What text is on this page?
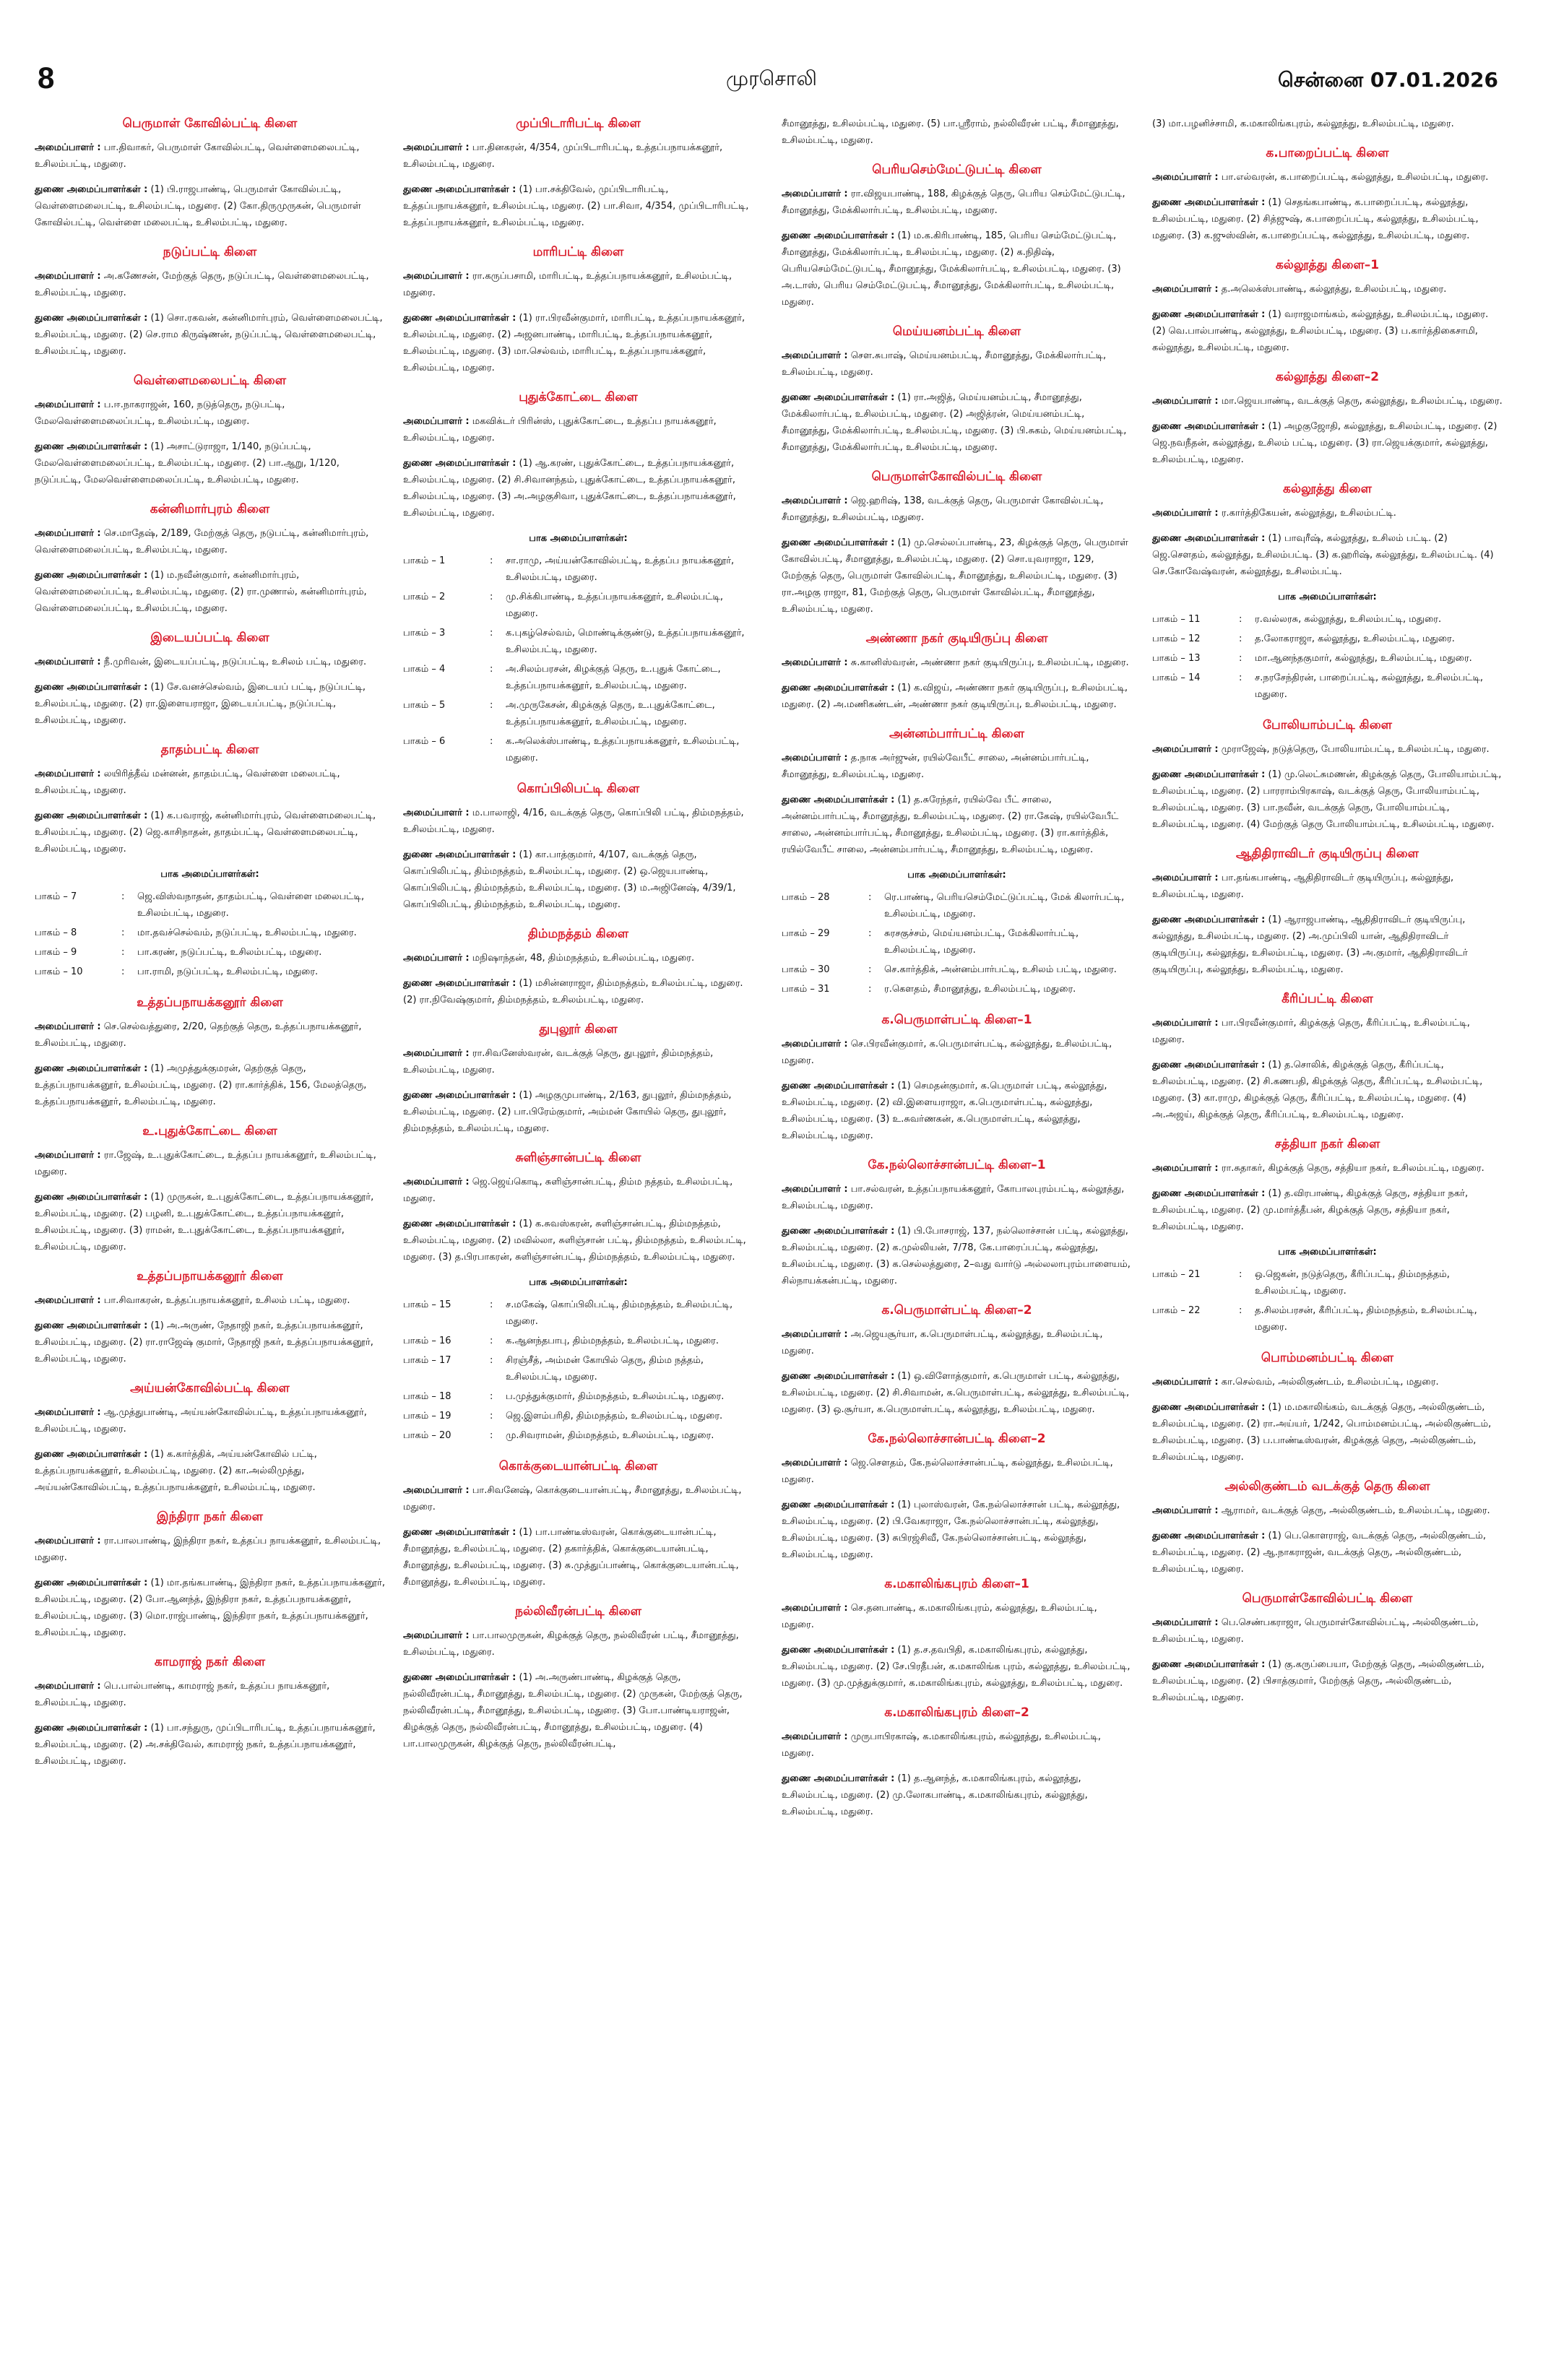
8	முரசொலி	சென்னை 07.01.2026
பெருமாள் கோவில்பட்டி கிளை
அமைப்பாளர் : பா.திவாகர், பெருமாள் கோவில்பட்டி, வெள்ளைமலைபட்டி, உசிலம்பட்டி, மதுரை.
துணை அமைப்பாளர்கள் : (1) பி.ராஜபாண்டி, பெருமாள் கோவில்பட்டி, வெள்ளைமலைபட்டி, உசிலம்பட்டி, மதுரை. (2) கோ.திருமுருகன், பெருமாள் கோவில்பட்டி, வெள்ளை மலைபட்டி, உசிலம்பட்டி, மதுரை.
நடுப்பட்டி கிளை
அமைப்பாளர் : அ.கணேசன், மேற்குத் தெரு, நடுப்பட்டி, வெள்ளைமலைபட்டி, உசிலம்பட்டி, மதுரை.
துணை அமைப்பாளர்கள் : (1) சொ.ரகவன், கன்னிமார்புரம், வெள்ளைமலைபட்டி, உசிலம்பட்டி, மதுரை. (2) செ.ராம கிருஷ்ணன், நடுப்பட்டி, வெள்ளைமலைபட்டி, உசிலம்பட்டி, மதுரை.
வெள்ளைமலைபட்டி கிளை
அமைப்பாளர் : ப.ஈ.நாகராஜன், 160, நடுத்தெரு, நடுபட்டி, மேலவெள்ளைமலைப்பட்டி, உசிலம்பட்டி, மதுரை.
துணை அமைப்பாளர்கள் : (1) அசாட்டுராஜா, 1/140, நடுப்பட்டி, மேலவெள்ளைமலைப்பட்டி, உசிலம்பட்டி, மதுரை. (2) பா.ஆறு, 1/120, நடுப்பட்டி, மேலவெள்ளைமலைப்பட்டி, உசிலம்பட்டி, மதுரை.
கன்னிமார்புரம் கிளை
அமைப்பாளர் : செ.மாதேஷ், 2/189, மேற்குத் தெரு, நடுபட்டி, கன்னிமார்புரம், வெள்ளைமலைப்பட்டி, உசிலம்பட்டி, மதுரை.
துணை அமைப்பாளர்கள் : (1) ம.நவீன்குமார், கன்னிமார்புரம், வெள்ளைமலைப்பட்டி, உசிலம்பட்டி, மதுரை. (2) ரா.முணால், கன்னிமார்புரம், வெள்ளைமலைப்பட்டி, உசிலம்பட்டி, மதுரை.
இடையப்பட்டி கிளை
அமைப்பாளர் : நீ.முரிவன், இடையப்பட்டி, நடுப்பட்டி, உசிலம் பட்டி, மதுரை.
துணை அமைப்பாளர்கள் : (1) சே.வனச்செல்வம், இடையப் பட்டி, நடுப்பட்டி, உசிலம்பட்டி, மதுரை. (2) ரா.இளையராஜா, இடையப்பட்டி, நடுப்பட்டி, உசிலம்பட்டி, மதுரை.
தாதம்பட்டி கிளை
அமைப்பாளர் : லயிரித்தீவ் மன்னன், தாதம்பட்டி, வெள்ளை மலைபட்டி, உசிலம்பட்டி, மதுரை.
துணை அமைப்பாளர்கள் : (1) க.பவராஜ், கன்னிமார்புரம், வெள்ளைமலைபட்டி, உசிலம்பட்டி, மதுரை. (2) ஜெ.காசிநாதன், தாதம்பட்டி, வெள்ளைமலைபட்டி, உசிலம்பட்டி, மதுரை.
பாக அமைப்பாளர்கள்:
பாகம் – 7	:	ஜெ.விஸ்வநாதன், தாதம்பட்டி, வெள்ளை மலைபட்டி, உசிலம்பட்டி, மதுரை.
பாகம் – 8	:	மா.தவச்செல்வம், நடுப்பட்டி, உசிலம்பட்டி, மதுரை.
பாகம் – 9	:	பா.கரண், நடுப்பட்டி, உசிலம்பட்டி, மதுரை.
பாகம் – 10	:	பா.ராமி, நடுப்பட்டி, உசிலம்பட்டி, மதுரை.
உத்தப்பநாயக்கனூர் கிளை
அமைப்பாளர் : செ.செல்வத்துரை, 2/20, தெற்குத் தெரு, உத்தப்பநாயக்கனூர், உசிலம்பட்டி, மதுரை.
துணை அமைப்பாளர்கள் : (1) அமுத்துக்குமரன், தெற்குத் தெரு, உத்தப்பநாயக்கனூர், உசிலம்பட்டி, மதுரை. (2) ரா.கார்த்திக், 156, மேலத்தெரு, உத்தப்பநாயக்கனூர், உசிலம்பட்டி, மதுரை.
உ.புதுக்கோட்டை கிளை
அமைப்பாளர் : ரா.ஜேஷ், உ.புதுக்கோட்டை, உத்தப்ப நாயக்கனூர், உசிலம்பட்டி, மதுரை.
துணை அமைப்பாளர்கள் : (1) முருகன், உ.புதுக்கோட்டை, உத்தப்பநாயக்கனூர், உசிலம்பட்டி, மதுரை. (2) பழனி, உ.புதுக்கோட்டை, உத்தப்பநாயக்கனூர், உசிலம்பட்டி, மதுரை. (3) ராமன், உ.புதுக்கோட்டை, உத்தப்பநாயக்கனூர், உசிலம்பட்டி, மதுரை.
உத்தப்பநாயக்கனூர் கிளை
அமைப்பாளர் : பா.சிவாகரன், உத்தப்பநாயக்கனூர், உசிலம் பட்டி, மதுரை.
துணை அமைப்பாளர்கள் : (1) அ.அருண், நேதாஜி நகர், உத்தப்பநாயக்கனூர், உசிலம்பட்டி, மதுரை. (2) ரா.ராஜேஷ் குமார், நேதாஜி நகர், உத்தப்பநாயக்கனூர், உசிலம்பட்டி, மதுரை.
அய்யன்கோவில்பட்டி கிளை
அமைப்பாளர் : ஆ.முத்துபாண்டி, அய்யன்கோவில்பட்டி, உத்தப்பநாயக்கனூர், உசிலம்பட்டி, மதுரை.
துணை அமைப்பாளர்கள் : (1) க.கார்த்திக், அய்யன்கோவில் பட்டி, உத்தப்பநாயக்கனூர், உசிலம்பட்டி, மதுரை. (2) கா.அல்லிமுத்து, அய்யன்கோவில்பட்டி, உத்தப்பநாயக்கனூர், உசிலம்பட்டி, மதுரை.
இந்திரா நகர் கிளை
அமைப்பாளர் : ரா.பாலபாண்டி, இந்திரா நகர், உத்தப்ப நாயக்கனூர், உசிலம்பட்டி, மதுரை.
துணை அமைப்பாளர்கள் : (1) மா.தங்கபாண்டி, இந்திரா நகர், உத்தப்பநாயக்கனூர், உசிலம்பட்டி, மதுரை. (2) போ.ஆனந்த், இந்திரா நகர், உத்தப்பநாயக்கனூர், உசிலம்பட்டி, மதுரை. (3) மொ.ராஜ்பாண்டி, இந்திரா நகர், உத்தப்பநாயக்கனூர், உசிலம்பட்டி, மதுரை.
காமராஜ் நகர் கிளை
அமைப்பாளர் : பெ.பால்பாண்டி, காமராஜ் நகர், உத்தப்ப நாயக்கனூர், உசிலம்பட்டி, மதுரை.
துணை அமைப்பாளர்கள் : (1) பா.சந்துரு, முப்பிடாரிபட்டி, உத்தப்பநாயக்கனூர், உசிலம்பட்டி, மதுரை. (2) அ.சக்திவேல், காமராஜ் நகர், உத்தப்பநாயக்கனூர், உசிலம்பட்டி, மதுரை.
முப்பிடாரிபட்டி கிளை
அமைப்பாளர் : பா.தினகரன், 4/354, முப்பிடாரிபட்டி, உத்தப்பநாயக்கனூர், உசிலம்பட்டி, மதுரை.
துணை அமைப்பாளர்கள் : (1) பா.சக்திவேல், முப்பிடாரிபட்டி, உத்தப்பநாயக்கனூர், உசிலம்பட்டி, மதுரை. (2) பா.சிவா, 4/354, முப்பிடாரிபட்டி, உத்தப்பநாயக்கனூர், உசிலம்பட்டி, மதுரை.
மாரிபட்டி கிளை
அமைப்பாளர் : ரா.கருப்பசாமி, மாரிபட்டி, உத்தப்பநாயக்கனூர், உசிலம்பட்டி, மதுரை.
துணை அமைப்பாளர்கள் : (1) ரா.பிரவீன்குமார், மாரிபட்டி, உத்தப்பநாயக்கனூர், உசிலம்பட்டி, மதுரை. (2) அஜனபாண்டி, மாரிபட்டி, உத்தப்பநாயக்கனூர், உசிலம்பட்டி, மதுரை. (3) மா.செல்வம், மாரிபட்டி, உத்தப்பநாயக்கனூர், உசிலம்பட்டி, மதுரை.
புதுக்கோட்டை கிளை
அமைப்பாளர் : மகவிக்டர் பிரின்ஸ், புதுக்கோட்டை, உத்தப்ப நாயக்கனூர், உசிலம்பட்டி, மதுரை.
துணை அமைப்பாளர்கள் : (1) ஆ.கரண், புதுக்கோட்டை, உத்தப்பநாயக்கனூர், உசிலம்பட்டி, மதுரை. (2) சி.சிவானந்தம், புதுக்கோட்டை, உத்தப்பநாயக்கனூர், உசிலம்பட்டி, மதுரை. (3) அ.அழகுசிவா, புதுக்கோட்டை, உத்தப்பநாயக்கனூர், உசிலம்பட்டி, மதுரை.
பாக அமைப்பாளர்கள்:
பாகம் – 1	:	சா.ராமு, அய்யன்கோவில்பட்டி, உத்தப்ப நாயக்கனூர், உசிலம்பட்டி, மதுரை.
பாகம் – 2	:	மு.சிக்கிபாண்டி, உத்தப்பநாயக்கனூர், உசிலம்பட்டி, மதுரை.
பாகம் – 3	:	க.புகழ்செல்வம், மொண்டிக்குண்டு, உத்தப்பநாயக்கனூர், உசிலம்பட்டி, மதுரை.
பாகம் – 4	:	அ.சிலம்பரசன், கிழக்குத் தெரு, உ.புதுக் கோட்டை, உத்தப்பநாயக்கனூர், உசிலம்பட்டி, மதுரை.
பாகம் – 5	:	அ.முருகேசன், கிழக்குத் தெரு, உ.புதுக்கோட்டை, உத்தப்பநாயக்கனூர், உசிலம்பட்டி, மதுரை.
பாகம் – 6	:	க.அலெக்ஸ்பாண்டி, உத்தப்பநாயக்கனூர், உசிலம்பட்டி, மதுரை.
கொப்பிலிபட்டி கிளை
அமைப்பாளர் : ம.பாலாஜி, 4/16, வடக்குத் தெரு, கொப்பிலி பட்டி, திம்மநத்தம், உசிலம்பட்டி, மதுரை.
துணை அமைப்பாளர்கள் : (1) கா.பாத்குமார், 4/107, வடக்குத் தெரு, கொப்பிலிபட்டி, திம்மநத்தம், உசிலம்பட்டி, மதுரை. (2) ஒ.ஜெயபாண்டி, கொப்பிலிபட்டி, திம்மநத்தம், உசிலம்பட்டி, மதுரை. (3) ம.அஜினேஷ், 4/39/1, கொப்பிலிபட்டி, திம்மநத்தம், உசிலம்பட்டி, மதுரை.
திம்மநத்தம் கிளை
அமைப்பாளர் : மநிஷாந்தன், 48, திம்மநத்தம், உசிலம்பட்டி, மதுரை.
துணை அமைப்பாளர்கள் : (1) மசின்னராஜா, திம்மநத்தம், உசிலம்பட்டி, மதுரை. (2) ரா.நிவேஷ்குமார், திம்மநத்தம், உசிலம்பட்டி, மதுரை.
துபுலூர் கிளை
அமைப்பாளர் : ரா.சிவனேஸ்வரன், வடக்குத் தெரு, துபுலூர், திம்மநத்தம், உசிலம்பட்டி, மதுரை.
துணை அமைப்பாளர்கள் : (1) அழகுமுபாண்டி, 2/163, துபுலூர், திம்மநத்தம், உசிலம்பட்டி, மதுரை. (2) பா.பிரேம்குமார், அம்மன் கோயில் தெரு, துபுலூர், திம்மநத்தம், உசிலம்பட்டி, மதுரை.
சுளிஞ்சான்பட்டி கிளை
அமைப்பாளர் : ஜெ.ஜெய்கொடி, சுளிஞ்சான்பட்டி, திம்ம நத்தம், உசிலம்பட்டி, மதுரை.
துணை அமைப்பாளர்கள் : (1) க.சுவஸ்கரன், சுளிஞ்சான்பட்டி, திம்மநத்தம், உசிலம்பட்டி, மதுரை. (2) மவில்லா, சுளிஞ்சான் பட்டி, திம்மநத்தம், உசிலம்பட்டி, மதுரை. (3) த.பிரபாகரன், சுளிஞ்சான்பட்டி, திம்மநத்தம், உசிலம்பட்டி, மதுரை.
பாக அமைப்பாளர்கள்:
பாகம் – 15	:	ச.மகேஷ், கொப்பிலிபட்டி, திம்மநத்தம், உசிலம்பட்டி, மதுரை.
பாகம் – 16	:	க.ஆனந்தபாபு, திம்மநத்தம், உசிலம்பட்டி, மதுரை.
பாகம் – 17	:	சிரஞ்சீத், அம்மன் கோயில் தெரு, திம்ம நத்தம், உசிலம்பட்டி, மதுரை.
பாகம் – 18	:	ப.முத்துக்குமார், திம்மநத்தம், உசிலம்பட்டி, மதுரை.
பாகம் – 19	:	ஜெ.இளம்பரிதி, திம்மநத்தம், உசிலம்பட்டி, மதுரை.
பாகம் – 20	:	மு.சிவராமன், திம்மநத்தம், உசிலம்பட்டி, மதுரை.
கொக்குடையான்பட்டி கிளை
அமைப்பாளர் : பா.சிவனேஷ், கொக்குடையான்பட்டி, சீமானூத்து, உசிலம்பட்டி, மதுரை.
துணை அமைப்பாளர்கள் : (1) பா.பாண்டீஸ்வரன், கொக்குடையான்பட்டி, சீமானூத்து, உசிலம்பட்டி, மதுரை. (2) தகார்த்திக், கொக்குடையான்பட்டி, சீமானூத்து, உசிலம்பட்டி, மதுரை. (3) சு.முத்துப்பாண்டி, கொக்குடையான்பட்டி, சீமானூத்து, உசிலம்பட்டி, மதுரை.
நல்லிவீரன்பட்டி கிளை
அமைப்பாளர் : பா.பாலமுருகன், கிழக்குத் தெரு, நல்லிவீரன் பட்டி, சீமானூத்து, உசிலம்பட்டி, மதுரை.
துணை அமைப்பாளர்கள் : (1) அ.அருண்பாண்டி, கிழக்குத் தெரு, நல்லிவீரன்பட்டி, சீமானூத்து, உசிலம்பட்டி, மதுரை. (2) முருகன், மேற்குத் தெரு, நல்லிவீரன்பட்டி, சீமானூத்து, உசிலம்பட்டி, மதுரை. (3) போ.பாண்டியராஜன், கிழக்குத் தெரு, நல்லிவீரன்பட்டி, சீமானூத்து, உசிலம்பட்டி, மதுரை. (4) பா.பாலமுருகன், கிழக்குத் தெரு, நல்லிவீரன்பட்டி,
சீமானூத்து, உசிலம்பட்டி, மதுரை. (5) பா.ஸ்ரீராம், நல்லிவீரன் பட்டி, சீமானூத்து, உசிலம்பட்டி, மதுரை.
பெரியசெம்மேட்டுபட்டி கிளை
அமைப்பாளர் : ரா.விஜயபாண்டி, 188, கிழக்குத் தெரு, பெரிய செம்மேட்டுபட்டி, சீமானூத்து, மேக்கிலார்பட்டி, உசிலம்பட்டி, மதுரை.
துணை அமைப்பாளர்கள் : (1) ம.க.கிரிபாண்டி, 185, பெரிய செம்மேட்டுபட்டி, சீமானூத்து, மேக்கிலார்பட்டி, உசிலம்பட்டி, மதுரை. (2) க.நிதிஷ், பெரியசெம்மேட்டுபட்டி, சீமானூத்து, மேக்கிலார்பட்டி, உசிலம்பட்டி, மதுரை. (3) அ.டாஸ், பெரிய செம்மேட்டுபட்டி, சீமானூத்து, மேக்கிலார்பட்டி, உசிலம்பட்டி, மதுரை.
மெய்யனம்பட்டி கிளை
அமைப்பாளர் : செள.சுபாஷ், மெய்யனம்பட்டி, சீமானூத்து, மேக்கிலார்பட்டி, உசிலம்பட்டி, மதுரை.
துணை அமைப்பாளர்கள் : (1) ரா.அஜித், மெய்யனம்பட்டி, சீமானூத்து, மேக்கிலார்பட்டி, உசிலம்பட்டி, மதுரை. (2) அஜித்ரன், மெய்யனம்பட்டி, சீமானூத்து, மேக்கிலார்பட்டி, உசிலம்பட்டி, மதுரை. (3) பி.சுகம், மெய்யனம்பட்டி, சீமானூத்து, மேக்கிலார்பட்டி, உசிலம்பட்டி, மதுரை.
பெருமாள்கோவில்பட்டி கிளை
அமைப்பாளர் : ஜெ.ஹரிஷ், 138, வடக்குத் தெரு, பெருமாள் கோவில்பட்டி, சீமானூத்து, உசிலம்பட்டி, மதுரை.
துணை அமைப்பாளர்கள் : (1) மு.செல்லப்பாண்டி, 23, கிழக்குத் தெரு, பெருமாள் கோவில்பட்டி, சீமானூத்து, உசிலம்பட்டி, மதுரை. (2) சொ.யுவராஜா, 129, மேற்குத் தெரு, பெருமாள் கோவில்பட்டி, சீமானூத்து, உசிலம்பட்டி, மதுரை. (3) ரா.அழகு ராஜா, 81, மேற்குத் தெரு, பெருமாள் கோவில்பட்டி, சீமானூத்து, உசிலம்பட்டி, மதுரை.
அண்ணா நகர் குடியிருப்பு கிளை
அமைப்பாளர் : சு.கானிஸ்வரன், அண்ணா நகர் குடியிருப்பு, உசிலம்பட்டி, மதுரை.
துணை அமைப்பாளர்கள் : (1) க.விஜய், அண்ணா நகர் குடியிருப்பு, உசிலம்பட்டி, மதுரை. (2) அ.மணிகண்டன், அண்ணா நகர் குடியிருப்பு, உசிலம்பட்டி, மதுரை.
அன்னம்பார்பட்டி கிளை
அமைப்பாளர் : த.நாக அர்ஜுன், ரயில்வேபீட் சாலை, அன்னம்பார்பட்டி, சீமானூத்து, உசிலம்பட்டி, மதுரை.
துணை அமைப்பாளர்கள் : (1) த.சுரேந்தர், ரயில்வே பீட் சாலை, அன்னம்பார்பட்டி, சீமானூத்து, உசிலம்பட்டி, மதுரை. (2) ரா.கேஷ், ரயில்வேபீட் சாலை, அன்னம்பார்பட்டி, சீமானூத்து, உசிலம்பட்டி, மதுரை. (3) ரா.கார்த்திக், ரயில்வேபீட் சாலை, அன்னம்பார்பட்டி, சீமானூத்து, உசிலம்பட்டி, மதுரை.
பாக அமைப்பாளர்கள்:
பாகம் – 28	:	ரெ.பாண்டி, பெரியசெம்மேட்டுப்பட்டி, மேக் கிலார்பட்டி, உசிலம்பட்டி, மதுரை.
பாகம் – 29	:	சுரசகுச்சம், மெய்யனம்பட்டி, மேக்கிலார்பட்டி, உசிலம்பட்டி, மதுரை.
பாகம் – 30	:	செ.கார்த்திக், அன்னம்பார்பட்டி, உசிலம் பட்டி, மதுரை.
பாகம் – 31	:	ர.கௌதம், சீமானூத்து, உசிலம்பட்டி, மதுரை.
க.பெருமாள்பட்டி கிளை–1
அமைப்பாளர் : செ.பிரவீன்குமார், க.பெருமாள்பட்டி, கல்லூத்து, உசிலம்பட்டி, மதுரை.
துணை அமைப்பாளர்கள் : (1) செமதன்குமார், க.பெருமாள் பட்டி, கல்லூத்து, உசிலம்பட்டி, மதுரை. (2) வி.இளையராஜா, க.பெருமாள்பட்டி, கல்லூத்து, உசிலம்பட்டி, மதுரை. (3) உ.சுவர்ணகன், க.பெருமாள்பட்டி, கல்லூத்து, உசிலம்பட்டி, மதுரை.
கே.நல்லொச்சான்பட்டி கிளை–1
அமைப்பாளர் : பா.சல்வரன், உத்தப்பநாயக்கனூர், கோபாலபுரம்பட்டி, கல்லூத்து, உசிலம்பட்டி, மதுரை.
துணை அமைப்பாளர்கள் : (1) பி.போசராஜ், 137, நல்லொச்சான் பட்டி, கல்லூத்து, உசிலம்பட்டி, மதுரை. (2) க.முல்லியன், 7/78, கே.பாரைப்பட்டி, கல்லூத்து, உசிலம்பட்டி, மதுரை. (3) க.செல்லத்துரை, 2–வது வார்டு அல்லலாபுரம்பாளையம், சில்நாயக்கன்பட்டி, மதுரை.
க.பெருமாள்பட்டி கிளை–2
அமைப்பாளர் : அ.ஜெயசூர்யா, க.பெருமாள்பட்டி, கல்லூத்து, உசிலம்பட்டி, மதுரை.
துணை அமைப்பாளர்கள் : (1) ஒ.விளோத்குமார், க.பெருமாள் பட்டி, கல்லூத்து, உசிலம்பட்டி, மதுரை. (2) சி.சிவாமன், க.பெருமாள்பட்டி, கல்லூத்து, உசிலம்பட்டி, மதுரை. (3) ஒ.சூர்யா, க.பெருமாள்பட்டி, கல்லூத்து, உசிலம்பட்டி, மதுரை.
கே.நல்லொச்சான்பட்டி கிளை–2
அமைப்பாளர் : ஜெ.சௌதம், கே.நல்லொச்சான்பட்டி, கல்லூத்து, உசிலம்பட்டி, மதுரை.
துணை அமைப்பாளர்கள் : (1) புலாஸ்வரன், கே.நல்லொச்சான் பட்டி, கல்லூத்து, உசிலம்பட்டி, மதுரை. (2) பி.வேகராஜா, கே.நல்லொச்சான்பட்டி, கல்லூத்து, உசிலம்பட்டி, மதுரை. (3) சுபிரஜ்சிவீ, கே.நல்லொச்சான்பட்டி, கல்லூத்து, உசிலம்பட்டி, மதுரை.
க.மகாலிங்கபுரம் கிளை–1
அமைப்பாளர் : செ.தனபாண்டி, க.மகாலிங்கபுரம், கல்லூத்து, உசிலம்பட்டி, மதுரை.
துணை அமைப்பாளர்கள் : (1) த.ச.தவபிதி, க.மகாலிங்கபுரம், கல்லூத்து, உசிலம்பட்டி, மதுரை. (2) சே.பிரதீபன், க.மகாலிங்க புரம், கல்லூத்து, உசிலம்பட்டி, மதுரை. (3) மு.முத்துக்குமார், க.மகாலிங்கபுரம், கல்லூத்து, உசிலம்பட்டி, மதுரை.
க.மகாலிங்கபுரம் கிளை–2
அமைப்பாளர் : முருபாபிரகாஷ், க.மகாலிங்கபுரம், கல்லூத்து, உசிலம்பட்டி, மதுரை.
துணை அமைப்பாளர்கள் : (1) த.ஆனந்த், க.மகாலிங்கபுரம், கல்லூத்து, உசிலம்பட்டி, மதுரை. (2) மு.லோகபாண்டி, க.மகாலிங்கபுரம், கல்லூத்து, உசிலம்பட்டி, மதுரை.
(3) மா.பழனிச்சாமி, க.மகாலிங்கபுரம், கல்லூத்து, உசிலம்பட்டி, மதுரை.
க.பாறைப்பட்டி கிளை
அமைப்பாளர் : பா.எல்வரன், க.பாறைப்பட்டி, கல்லூத்து, உசிலம்பட்டி, மதுரை.
துணை அமைப்பாளர்கள் : (1) செதங்கபாண்டி, க.பாறைப்பட்டி, கல்லூத்து, உசிலம்பட்டி, மதுரை. (2) சித்ஜுஷ், க.பாறைப்பட்டி, கல்லூத்து, உசிலம்பட்டி, மதுரை. (3) க.ஜுஸ்வின், க.பாறைப்பட்டி, கல்லூத்து, உசிலம்பட்டி, மதுரை.
கல்லூத்து கிளை–1
அமைப்பாளர் : த.அலெக்ஸ்பாண்டி, கல்லூத்து, உசிலம்பட்டி, மதுரை.
துணை அமைப்பாளர்கள் : (1) வராஜமாங்கம், கல்லூத்து, உசிலம்பட்டி, மதுரை. (2) வெ.பால்பாண்டி, கல்லூத்து, உசிலம்பட்டி, மதுரை. (3) ப.கார்த்திகைசாமி, கல்லூத்து, உசிலம்பட்டி, மதுரை.
கல்லூத்து கிளை–2
அமைப்பாளர் : மா.ஜெயபாண்டி, வடக்குத் தெரு, கல்லூத்து, உசிலம்பட்டி, மதுரை.
துணை அமைப்பாளர்கள் : (1) அழகுஜோதி, கல்லூத்து, உசிலம்பட்டி, மதுரை. (2) ஜெ.நவநீதன், கல்லூத்து, உசிலம் பட்டி, மதுரை. (3) ரா.ஜெயக்குமார், கல்லூத்து, உசிலம்பட்டி, மதுரை.
கல்லூத்து கிளை
அமைப்பாளர் : ர.கார்த்திகேயன், கல்லூத்து, உசிலம்பட்டி.
துணை அமைப்பாளர்கள் : (1) பாவுரீஷ், கல்லூத்து, உசிலம் பட்டி. (2) ஜெ.சௌதம், கல்லூத்து, உசிலம்பட்டி. (3) க.ஹரிஷ், கல்லூத்து, உசிலம்பட்டி. (4) செ.கோவேஷ்வரன், கல்லூத்து, உசிலம்பட்டி.
பாக அமைப்பாளர்கள்:
பாகம் – 11	:	ர.வல்லரசு, கல்லூத்து, உசிலம்பட்டி, மதுரை.
பாகம் – 12	:	த.லோகராஜா, கல்லூத்து, உசிலம்பட்டி, மதுரை.
பாகம் – 13	:	மா.ஆனந்தகுமார், கல்லூத்து, உசிலம்பட்டி, மதுரை.
பாகம் – 14	:	ச.நரசேந்திரன், பாறைப்பட்டி, கல்லூத்து, உசிலம்பட்டி, மதுரை.
போலியாம்பட்டி கிளை
அமைப்பாளர் : முராஜேஷ், நடுத்தெரு, போலியாம்பட்டி, உசிலம்பட்டி, மதுரை.
துணை அமைப்பாளர்கள் : (1) மு.லெட்சுமணன், கிழக்குத் தெரு, போலியாம்பட்டி, உசிலம்பட்டி, மதுரை. (2) பாரராம்பிரகாஷ், வடக்குத் தெரு, போலியாம்பட்டி, உசிலம்பட்டி, மதுரை. (3) பா.நவீன், வடக்குத் தெரு, போலியாம்பட்டி, உசிலம்பட்டி, மதுரை. (4) மேற்குத் தெரு போலியாம்பட்டி, உசிலம்பட்டி, மதுரை.
ஆதிதிராவிடர் குடியிருப்பு கிளை
அமைப்பாளர் : பா.தங்கபாண்டி, ஆதிதிராவிடர் குடியிருப்பு, கல்லூத்து, உசிலம்பட்டி, மதுரை.
துணை அமைப்பாளர்கள் : (1) ஆராஜபாண்டி, ஆதிதிராவிடர் குடியிருப்பு, கல்லூத்து, உசிலம்பட்டி, மதுரை. (2) அ.முப்பிலி யான், ஆதிதிராவிடர் குடியிருப்பு, கல்லூத்து, உசிலம்பட்டி, மதுரை. (3) அ.குமார், ஆதிதிராவிடர் குடியிருப்பு, கல்லூத்து, உசிலம்பட்டி, மதுரை.
கீரிப்பட்டி கிளை
அமைப்பாளர் : பா.பிரவீன்குமார், கிழக்குத் தெரு, கீரிப்பட்டி, உசிலம்பட்டி, மதுரை.
துணை அமைப்பாளர்கள் : (1) த.சொலிக், கிழக்குத் தெரு, கீரிப்பட்டி, உசிலம்பட்டி, மதுரை. (2) சி.கணபதி, கிழக்குத் தெரு, கீரிப்பட்டி, உசிலம்பட்டி, மதுரை. (3) கா.ராமு, கிழக்குத் தெரு, கீரிப்பட்டி, உசிலம்பட்டி, மதுரை. (4) அ.அஜய், கிழக்குத் தெரு, கீரிப்பட்டி, உசிலம்பட்டி, மதுரை.
சத்தியா நகர் கிளை
அமைப்பாளர் : ரா.சுதாகர், கிழக்குத் தெரு, சத்தியா நகர், உசிலம்பட்டி, மதுரை.
துணை அமைப்பாளர்கள் : (1) த.விரபாண்டி, கிழக்குத் தெரு, சத்தியா நகர், உசிலம்பட்டி, மதுரை. (2) மு.மார்த்தீபன், கிழக்குத் தெரு, சத்தியா நகர், உசிலம்பட்டி, மதுரை.
பாக அமைப்பாளர்கள்:
பாகம் – 21	:	ஒ.ஜெகன், நடுத்தெரு, கீரிப்பட்டி, திம்மநத்தம், உசிலம்பட்டி, மதுரை.
பாகம் – 22	:	த.சிலம்பரசன், கீரிப்பட்டி, திம்மநத்தம், உசிலம்பட்டி, மதுரை.
பொம்மனம்பட்டி கிளை
அமைப்பாளர் : கா.செல்வம், அல்லிகுண்டம், உசிலம்பட்டி, மதுரை.
துணை அமைப்பாளர்கள் : (1) ம.மகாலிங்கம், வடக்குத் தெரு, அல்லிகுண்டம், உசிலம்பட்டி, மதுரை. (2) ரா.அய்யர், 1/242, பொம்மனம்பட்டி, அல்லிகுண்டம், உசிலம்பட்டி, மதுரை. (3) ப.பாண்டீஸ்வரன், கிழக்குத் தெரு, அல்லிகுண்டம், உசிலம்பட்டி, மதுரை.
அல்லிகுண்டம் வடக்குத் தெரு கிளை
அமைப்பாளர் : ஆராமர், வடக்குத் தெரு, அல்லிகுண்டம், உசிலம்பட்டி, மதுரை.
துணை அமைப்பாளர்கள் : (1) பெ.கொளராஜ், வடக்குத் தெரு, அல்லிகுண்டம், உசிலம்பட்டி, மதுரை. (2) ஆ.நாகராஜன், வடக்குத் தெரு, அல்லிகுண்டம், உசிலம்பட்டி, மதுரை.
பெருமாள்கோவில்பட்டி கிளை
அமைப்பாளர் : பெ.செண்பகராஜா, பெருமாள்கோவில்பட்டி, அல்லிகுண்டம், உசிலம்பட்டி, மதுரை.
துணை அமைப்பாளர்கள் : (1) கு.கருப்பையா, மேற்குத் தெரு, அல்லிகுண்டம், உசிலம்பட்டி, மதுரை. (2) பிசாத்குமார், மேற்குத் தெரு, அல்லிகுண்டம், உசிலம்பட்டி, மதுரை.
